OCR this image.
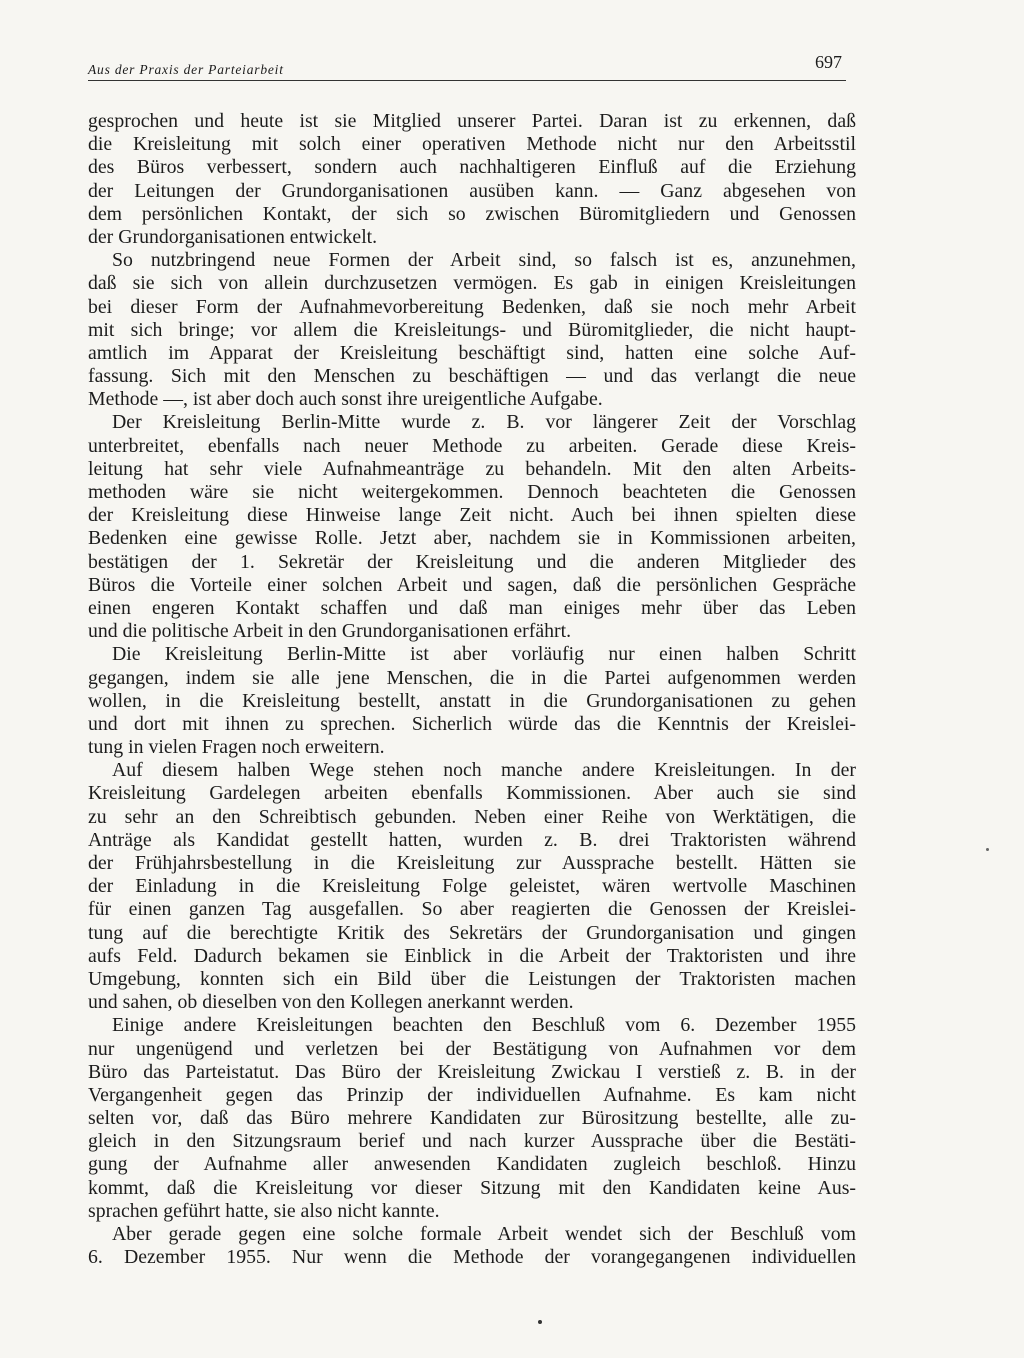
Aus der Praxis der Parteiarbeit	697
gesprochen und heute ist sie Mitglied unserer Partei. Daran ist zu erkennen, daß
die Kreisleitung mit solch einer operativen Methode nicht nur den Arbeitsstil
des Büros verbessert, sondern auch nachhaltigeren Einfluß auf die Erziehung
der Leitungen der Grundorganisationen ausüben kann. — Ganz abgesehen von
dem persönlichen Kontakt, der sich so zwischen Büromitgliedern und Genossen
der Grundorganisationen entwickelt.
So nutzbringend neue Formen der Arbeit sind, so falsch ist es, anzunehmen,
daß sie sich von allein durchzusetzen vermögen. Es gab in einigen Kreisleitungen
bei dieser Form der Aufnahmevorbereitung Bedenken, daß sie noch mehr Arbeit
mit sich bringe; vor allem die Kreisleitungs- und Büromitglieder, die nicht haupt-
amtlich im Apparat der Kreisleitung beschäftigt sind, hatten eine solche Auf-
fassung. Sich mit den Menschen zu beschäftigen — und das verlangt die neue
Methode —, ist aber doch auch sonst ihre ureigentliche Aufgabe.
Der Kreisleitung Berlin-Mitte wurde z. B. vor längerer Zeit der Vorschlag
unterbreitet, ebenfalls nach neuer Methode zu arbeiten. Gerade diese Kreis-
leitung hat sehr viele Aufnahmeanträge zu behandeln. Mit den alten Arbeits-
methoden wäre sie nicht weitergekommen. Dennoch beachteten die Genossen
der Kreisleitung diese Hinweise lange Zeit nicht. Auch bei ihnen spielten diese
Bedenken eine gewisse Rolle. Jetzt aber, nachdem sie in Kommissionen arbeiten,
bestätigen der 1. Sekretär der Kreisleitung und die anderen Mitglieder des
Büros die Vorteile einer solchen Arbeit und sagen, daß die persönlichen Gespräche
einen engeren Kontakt schaffen und daß man einiges mehr über das Leben
und die politische Arbeit in den Grundorganisationen erfährt.
Die Kreisleitung Berlin-Mitte ist aber vorläufig nur einen halben Schritt
gegangen, indem sie alle jene Menschen, die in die Partei aufgenommen werden
wollen, in die Kreisleitung bestellt, anstatt in die Grundorganisationen zu gehen
und dort mit ihnen zu sprechen. Sicherlich würde das die Kenntnis der Kreislei-
tung in vielen Fragen noch erweitern.
Auf diesem halben Wege stehen noch manche andere Kreisleitungen. In der
Kreisleitung Gardelegen arbeiten ebenfalls Kommissionen. Aber auch sie sind
zu sehr an den Schreibtisch gebunden. Neben einer Reihe von Werktätigen, die
Anträge als Kandidat gestellt hatten, wurden z. B. drei Traktoristen während
der Frühjahrsbestellung in die Kreisleitung zur Aussprache bestellt. Hätten sie
der Einladung in die Kreisleitung Folge geleistet, wären wertvolle Maschinen
für einen ganzen Tag ausgefallen. So aber reagierten die Genossen der Kreislei-
tung auf die berechtigte Kritik des Sekretärs der Grundorganisation und gingen
aufs Feld. Dadurch bekamen sie Einblick in die Arbeit der Traktoristen und ihre
Umgebung, konnten sich ein Bild über die Leistungen der Traktoristen machen
und sahen, ob dieselben von den Kollegen anerkannt werden.
Einige andere Kreisleitungen beachten den Beschluß vom 6. Dezember 1955
nur ungenügend und verletzen bei der Bestätigung von Aufnahmen vor dem
Büro das Parteistatut. Das Büro der Kreisleitung Zwickau I verstieß z. B. in der
Vergangenheit gegen das Prinzip der individuellen Aufnahme. Es kam nicht
selten vor, daß das Büro mehrere Kandidaten zur Bürositzung bestellte, alle zu-
gleich in den Sitzungsraum berief und nach kurzer Aussprache über die Bestäti-
gung der Aufnahme aller anwesenden Kandidaten zugleich beschloß. Hinzu
kommt, daß die Kreisleitung vor dieser Sitzung mit den Kandidaten keine Aus-
sprachen geführt hatte, sie also nicht kannte.
Aber gerade gegen eine solche formale Arbeit wendet sich der Beschluß vom
6. Dezember 1955. Nur wenn die Methode der vorangegangenen individuellen
